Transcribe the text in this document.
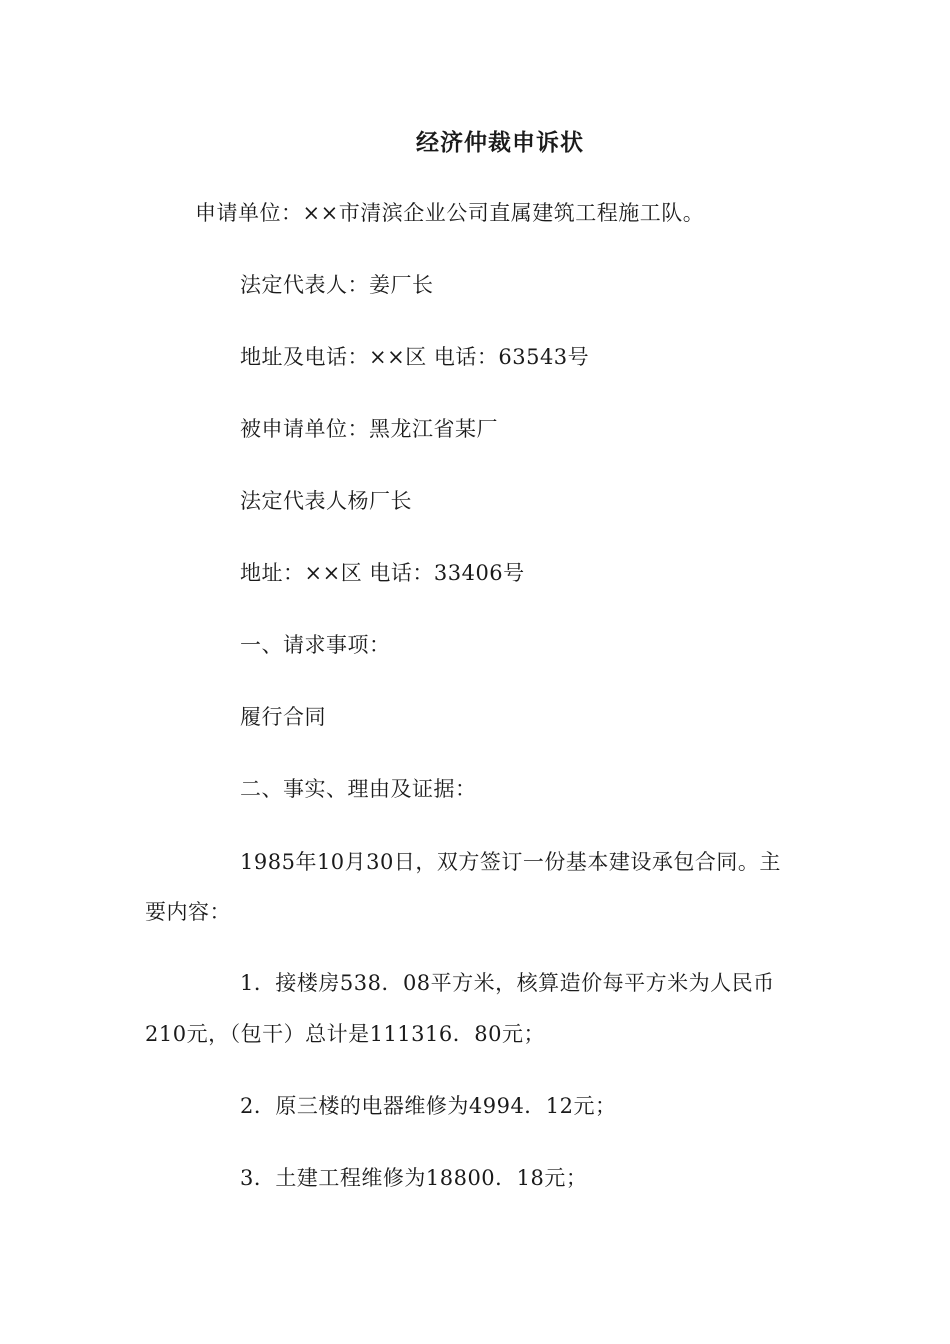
经济仲裁申诉状
申请单位：××市清滨企业公司直属建筑工程施工队。
法定代表人：姜厂长
地址及电话：××区 电话：63543号
被申请单位：黑龙江省某厂
法定代表人杨厂长
地址：××区 电话：33406号
一、请求事项：
履行合同
二、事实、理由及证据：
1985年10月30日，双方签订一份基本建设承包合同。主
要内容：
1．接楼房538．08平方米，核算造价每平方米为人民币
210元，（包干）总计是111316．80元；
2．原三楼的电器维修为4994．12元；
3．土建工程维修为18800．18元；
